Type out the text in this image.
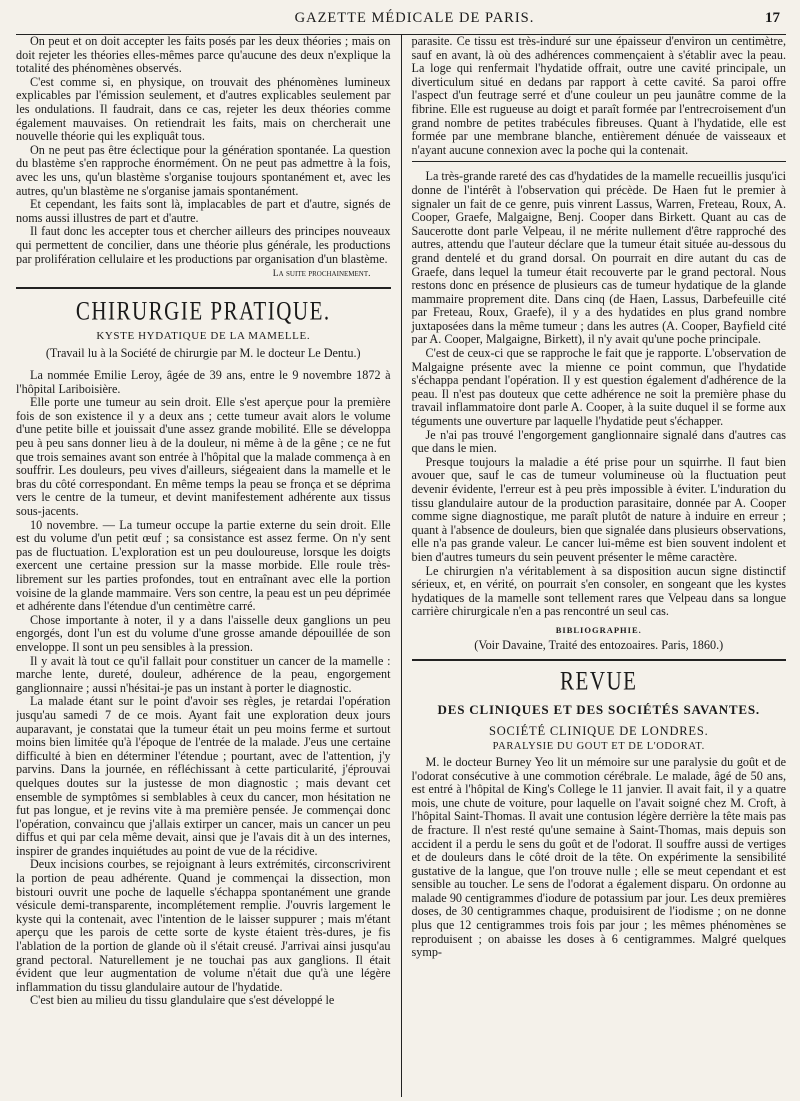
GAZETTE MÉDICALE DE PARIS.	17

On peut et on doit accepter les faits posés par les deux théories ; mais on doit rejeter les théories elles-mêmes parce qu'aucune des deux n'explique la totalité des phénomènes observés.

C'est comme si, en physique, on trouvait des phénomènes lumineux explicables par l'émission seulement, et d'autres explicables seulement par les ondulations. Il faudrait, dans ce cas, rejeter les deux théories comme également mauvaises. On retiendrait les faits, mais on chercherait une nouvelle théorie qui les expliquât tous.

On ne peut pas être éclectique pour la génération spontanée. La question du blastème s'en rapproche énormément. On ne peut pas admettre à la fois, avec les uns, qu'un blastème s'organise toujours spontanément et, avec les autres, qu'un blastème ne s'organise jamais spontanément.

Et cependant, les faits sont là, implacables de part et d'autre, signés de noms aussi illustres de part et d'autre.

Il faut donc les accepter tous et chercher ailleurs des principes nouveaux qui permettent de concilier, dans une théorie plus générale, les productions par prolifération cellulaire et les productions par organisation d'un blastème.

La suite prochainement.
CHIRURGIE PRATIQUE.
KYSTE HYDATIQUE DE LA MAMELLE.
(Travail lu à la Société de chirurgie par M. le docteur Le Dentu.)

La nommée Emilie Leroy, âgée de 39 ans, entre le 9 novembre 1872 à l'hôpital Lariboisière.

Elle porte une tumeur au sein droit. Elle s'est aperçue pour la première fois de son existence il y a deux ans ; cette tumeur avait alors le volume d'une petite bille et jouissait d'une assez grande mobilité. Elle se développa peu à peu sans donner lieu à de la douleur, ni même à de la gêne ; ce ne fut que trois semaines avant son entrée à l'hôpital que la malade commença à en souffrir. Les douleurs, peu vives d'ailleurs, siégeaient dans la mamelle et le bras du côté correspondant. En même temps la peau se fronça et se déprima vers le centre de la tumeur, et devint manifestement adhérente aux tissus sous-jacents.

10 novembre. — La tumeur occupe la partie externe du sein droit. Elle est du volume d'un petit œuf ; sa consistance est assez ferme. On n'y sent pas de fluctuation. L'exploration est un peu douloureuse, lorsque les doigts exercent une certaine pression sur la masse morbide. Elle roule très-librement sur les parties profondes, tout en entraînant avec elle la portion voisine de la glande mammaire. Vers son centre, la peau est un peu déprimée et adhérente dans l'étendue d'un centimètre carré.

Chose importante à noter, il y a dans l'aisselle deux ganglions un peu engorgés, dont l'un est du volume d'une grosse amande dépouillée de son enveloppe. Il sont un peu sensibles à la pression.

Il y avait là tout ce qu'il fallait pour constituer un cancer de la mamelle : marche lente, dureté, douleur, adhérence de la peau, engorgement ganglionnaire ; aussi n'hésitai-je pas un instant à porter le diagnostic.

La malade étant sur le point d'avoir ses règles, je retardai l'opération jusqu'au samedi 7 de ce mois. Ayant fait une exploration deux jours auparavant, je constatai que la tumeur était un peu moins ferme et surtout moins bien limitée qu'à l'époque de l'entrée de la malade. J'eus une certaine difficulté à bien en déterminer l'étendue ; pourtant, avec de l'attention, j'y parvins. Dans la journée, en réfléchissant à cette particularité, j'éprouvai quelques doutes sur la justesse de mon diagnostic ; mais devant cet ensemble de symptômes si semblables à ceux du cancer, mon hésitation ne fut pas longue, et je revins vite à ma première pensée. Je commençai donc l'opération, convaincu que j'allais extirper un cancer, mais un cancer un peu diffus et qui par cela même devait, ainsi que je l'avais dit à un des internes, inspirer de grandes inquiétudes au point de vue de la récidive.

Deux incisions courbes, se rejoignant à leurs extrémités, circonscrivirent la portion de peau adhérente. Quand je commençai la dissection, mon bistouri ouvrit une poche de laquelle s'échappa spontanément une grande vésicule demi-transparente, incomplétement remplie. J'ouvris largement le kyste qui la contenait, avec l'intention de le laisser suppurer ; mais m'étant aperçu que les parois de cette sorte de kyste étaient très-dures, je fis l'ablation de la portion de glande où il s'était creusé. J'arrivai ainsi jusqu'au grand pectoral. Naturellement je ne touchai pas aux ganglions. Il était évident que leur augmentation de volume n'était due qu'à une légère inflammation du tissu glandulaire autour de l'hydatide.

C'est bien au milieu du tissu glandulaire que s'est développé le

parasite. Ce tissu est très-induré sur une épaisseur d'environ un centimètre, sauf en avant, là où des adhérences commençaient à s'établir avec la peau. La loge qui renfermait l'hydatide offrait, outre une cavité principale, un diverticulum situé en dedans par rapport à cette cavité. Sa paroi offre l'aspect d'un feutrage serré et d'une couleur un peu jaunâtre comme de la fibrine. Elle est rugueuse au doigt et paraît formée par l'entrecroisement d'un grand nombre de petites trabécules fibreuses. Quant à l'hydatide, elle est formée par une membrane blanche, entièrement dénuée de vaisseaux et n'ayant aucune connexion avec la poche qui la contenait.

La très-grande rareté des cas d'hydatides de la mamelle recueillis jusqu'ici donne de l'intérêt à l'observation qui précède. De Haen fut le premier à signaler un fait de ce genre, puis vinrent Lassus, Warren, Freteau, Roux, A. Cooper, Graefe, Malgaigne, Benj. Cooper dans Birkett. Quant au cas de Saucerotte dont parle Velpeau, il ne mérite nullement d'être rapproché des autres, attendu que l'auteur déclare que la tumeur était située au-dessous du grand dentelé et du grand dorsal. On pourrait en dire autant du cas de Graefe, dans lequel la tumeur était recouverte par le grand pectoral. Nous restons donc en présence de plusieurs cas de tumeur hydatique de la glande mammaire proprement dite. Dans cinq (de Haen, Lassus, Darbefeuille cité par Freteau, Roux, Graefe), il y a des hydatides en plus grand nombre juxtaposées dans la même tumeur ; dans les autres (A. Cooper, Bayfield cité par A. Cooper, Malgaigne, Birkett), il n'y avait qu'une poche principale.

C'est de ceux-ci que se rapproche le fait que je rapporte. L'observation de Malgaigne présente avec la mienne ce point commun, que l'hydatide s'échappa pendant l'opération. Il y est question également d'adhérence de la peau. Il n'est pas douteux que cette adhérence ne soit la première phase du travail inflammatoire dont parle A. Cooper, à la suite duquel il se forme aux téguments une ouverture par laquelle l'hydatide peut s'échapper.

Je n'ai pas trouvé l'engorgement ganglionnaire signalé dans d'autres cas que dans le mien.

Presque toujours la maladie a été prise pour un squirrhe. Il faut bien avouer que, sauf le cas de tumeur volumineuse où la fluctuation peut devenir évidente, l'erreur est à peu près impossible à éviter. L'induration du tissu glandulaire autour de la production parasitaire, donnée par A. Cooper comme signe diagnostique, me paraît plutôt de nature à induire en erreur ; quant à l'absence de douleurs, bien que signalée dans plusieurs observations, elle n'a pas grande valeur. Le cancer lui-même est bien souvent indolent et bien d'autres tumeurs du sein peuvent présenter le même caractère.

Le chirurgien n'a véritablement à sa disposition aucun signe distinctif sérieux, et, en vérité, on pourrait s'en consoler, en songeant que les kystes hydatiques de la mamelle sont tellement rares que Velpeau dans sa longue carrière chirurgicale n'en a pas rencontré un seul cas.

BIBLIOGRAPHIE.
(Voir Davaine, Traité des entozoaires. Paris, 1860.)
REVUE
DES CLINIQUES ET DES SOCIÉTÉS SAVANTES.
SOCIÉTÉ CLINIQUE DE LONDRES.
PARALYSIE DU GOUT ET DE L'ODORAT.

M. le docteur Burney Yeo lit un mémoire sur une paralysie du goût et de l'odorat consécutive à une commotion cérébrale. Le malade, âgé de 50 ans, est entré à l'hôpital de King's College le 11 janvier. Il avait fait, il y a quatre mois, une chute de voiture, pour laquelle on l'avait soigné chez M. Croft, à l'hôpital Saint-Thomas. Il avait une contusion légère derrière la tête mais pas de fracture. Il n'est resté qu'une semaine à Saint-Thomas, mais depuis son accident il a perdu le sens du goût et de l'odorat. Il souffre aussi de vertiges et de douleurs dans le côté droit de la tête. On expérimente la sensibilité gustative de la langue, que l'on trouve nulle ; elle se meut cependant et est sensible au toucher. Le sens de l'odorat a également disparu. On ordonne au malade 90 centigrammes d'iodure de potassium par jour. Les deux premières doses, de 30 centigrammes chaque, produisirent de l'iodisme ; on ne donne plus que 12 centigrammes trois fois par jour ; les mêmes phénomènes se reproduisent ; on abaisse les doses à 6 centigrammes. Malgré quelques symp-
